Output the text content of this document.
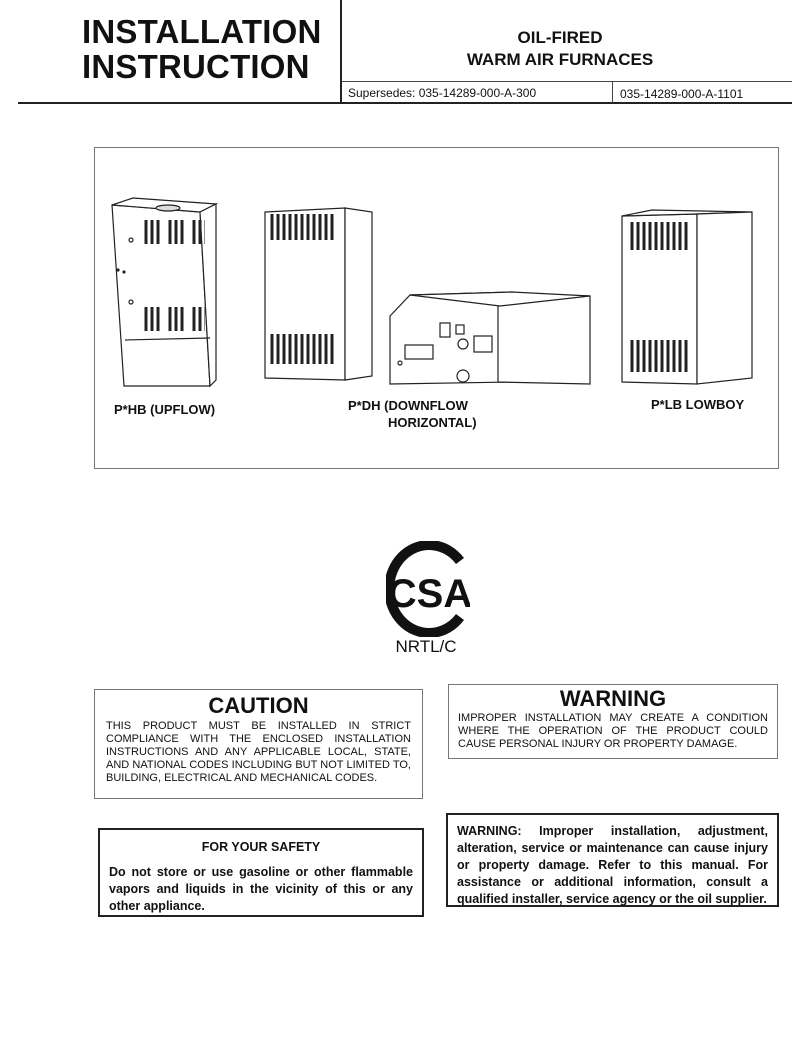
INSTALLATION
INSTRUCTION
OIL-FIRED
WARM AIR FURNACES
Supersedes: 035-14289-000-A-300	035-14289-000-A-1101
P*HB (UPFLOW)	P*DH (DOWNFLOW
HORIZONTAL)
P*LB LOWBOY
CSA
NRTL/C
CAUTION
THIS PRODUCT MUST BE INSTALLED IN STRICT COMPLIANCE WITH THE ENCLOSED INSTALLATION INSTRUCTIONS AND ANY APPLICABLE LOCAL, STATE, AND NATIONAL CODES INCLUDING BUT NOT LIMITED TO, BUILDING, ELECTRICAL AND MECHANICAL CODES.
WARNING
IMPROPER INSTALLATION MAY CREATE A CONDITION WHERE THE OPERATION OF THE PRODUCT COULD CAUSE PERSONAL INJURY OR PROPERTY DAMAGE.
FOR YOUR SAFETY
Do not store or use gasoline or other flammable vapors and liquids in the vicinity of this or any other appliance.
WARNING: Improper installation, adjustment, alteration, service or maintenance can cause injury or property damage. Refer to this manual. For assistance or additional information, consult a qualified installer, service agency or the oil supplier.
